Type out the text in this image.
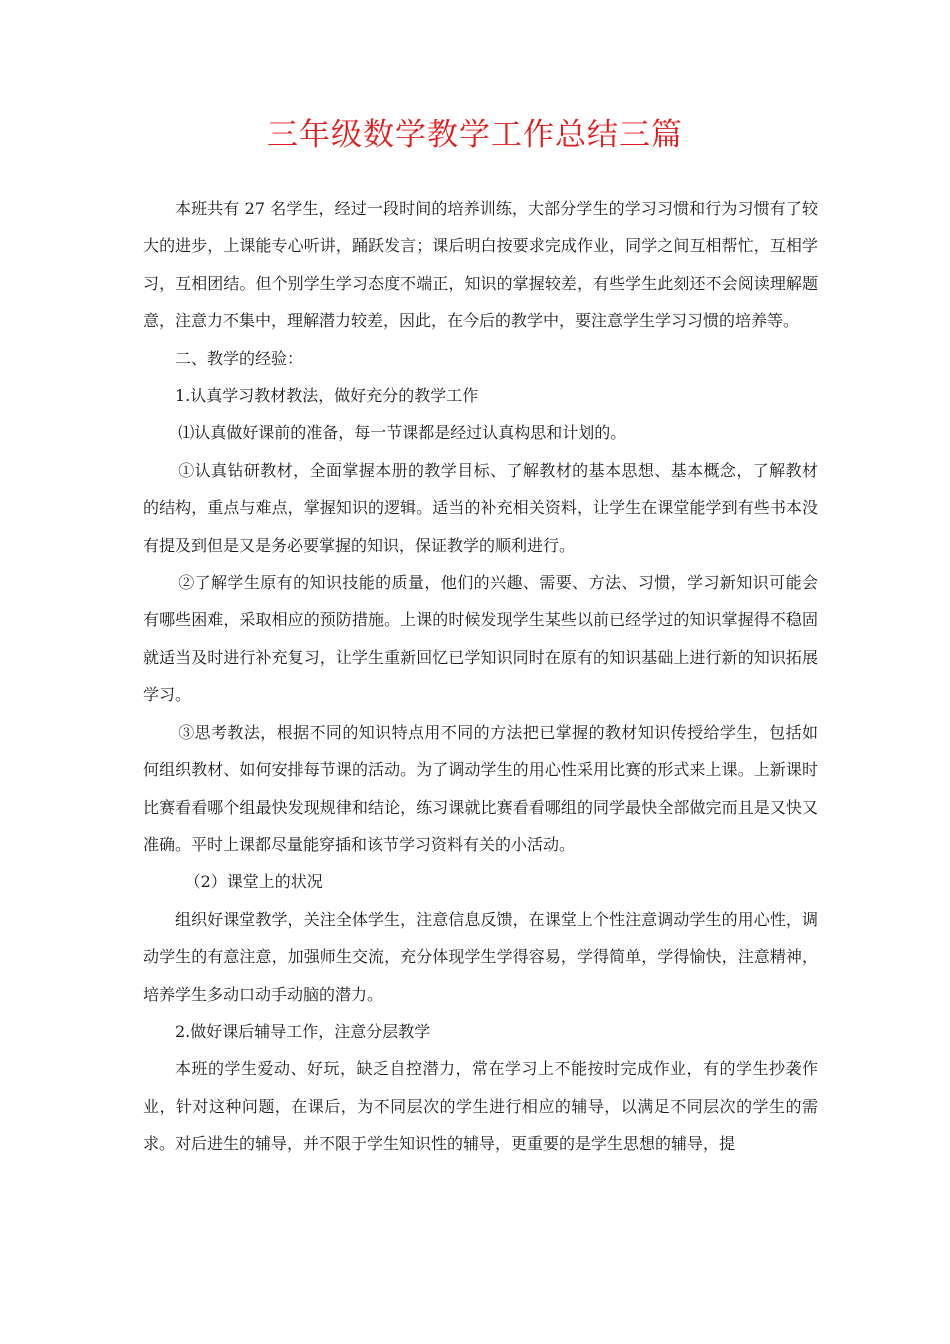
三年级数学教学工作总结三篇

本班共有 27 名学生，经过一段时间的培养训练，大部分学生的学习习惯和行为习惯有了较大的进步，上课能专心听讲，踊跃发言；课后明白按要求完成作业，同学之间互相帮忙，互相学习，互相团结。但个别学生学习态度不端正，知识的掌握较差，有些学生此刻还不会阅读理解题意，注意力不集中，理解潜力较差，因此，在今后的教学中，要注意学生学习习惯的培养等。

二、教学的经验：

1.认真学习教材教法，做好充分的教学工作

⑴认真做好课前的准备，每一节课都是经过认真构思和计划的。

①认真钻研教材，全面掌握本册的教学目标、了解教材的基本思想、基本概念，了解教材的结构，重点与难点，掌握知识的逻辑。适当的补充相关资料，让学生在课堂能学到有些书本没有提及到但是又是务必要掌握的知识，保证教学的顺利进行。

②了解学生原有的知识技能的质量，他们的兴趣、需要、方法、习惯，学习新知识可能会有哪些困难，采取相应的预防措施。上课的时候发现学生某些以前已经学过的知识掌握得不稳固就适当及时进行补充复习，让学生重新回忆已学知识同时在原有的知识基础上进行新的知识拓展学习。

③思考教法，根据不同的知识特点用不同的方法把已掌握的教材知识传授给学生，包括如何组织教材、如何安排每节课的活动。为了调动学生的用心性采用比赛的形式来上课。上新课时比赛看看哪个组最快发现规律和结论，练习课就比赛看看哪组的同学最快全部做完而且是又快又准确。平时上课都尽量能穿插和该节学习资料有关的小活动。

（2）课堂上的状况

组织好课堂教学，关注全体学生，注意信息反馈，在课堂上个性注意调动学生的用心性，调动学生的有意注意，加强师生交流，充分体现学生学得容易，学得简单，学得愉快，注意精神，培养学生多动口动手动脑的潜力。

2.做好课后辅导工作，注意分层教学

本班的学生爱动、好玩，缺乏自控潜力，常在学习上不能按时完成作业，有的学生抄袭作业，针对这种问题，在课后，为不同层次的学生进行相应的辅导，以满足不同层次的学生的需求。对后进生的辅导，并不限于学生知识性的辅导，更重要的是学生思想的辅导，提
